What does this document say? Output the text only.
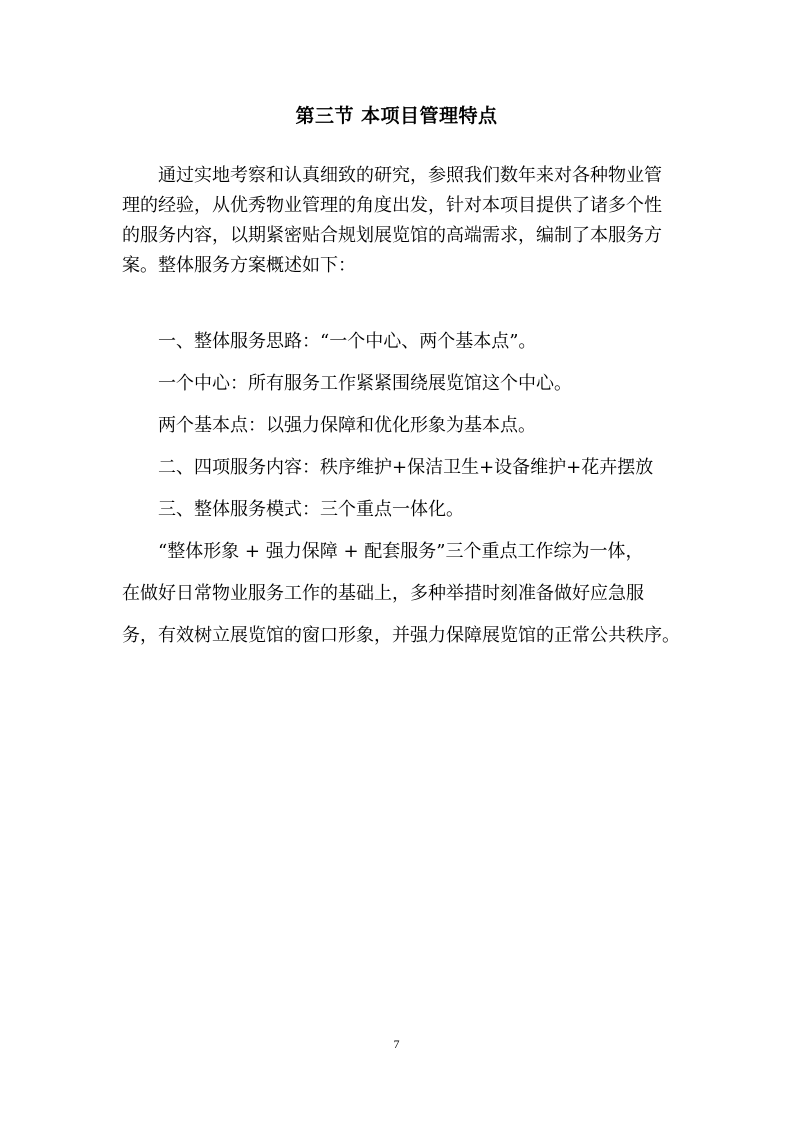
第三节 本项目管理特点

通过实地考察和认真细致的研究，参照我们数年来对各种物业管
理的经验，从优秀物业管理的角度出发，针对本项目提供了诸多个性
的服务内容，以期紧密贴合规划展览馆的高端需求，编制了本服务方
案。整体服务方案概述如下：

一、整体服务思路：“一个中心、两个基本点”。

一个中心：所有服务工作紧紧围绕展览馆这个中心。

两个基本点：以强力保障和优化形象为基本点。

二、四项服务内容：秩序维护+保洁卫生+设备维护+花卉摆放

三、整体服务模式：三个重点一体化。

“整体形象 + 强力保障 + 配套服务”三个重点工作综为一体，
在做好日常物业服务工作的基础上，多种举措时刻准备做好应急服
务，有效树立展览馆的窗口形象，并强力保障展览馆的正常公共秩序。

7
